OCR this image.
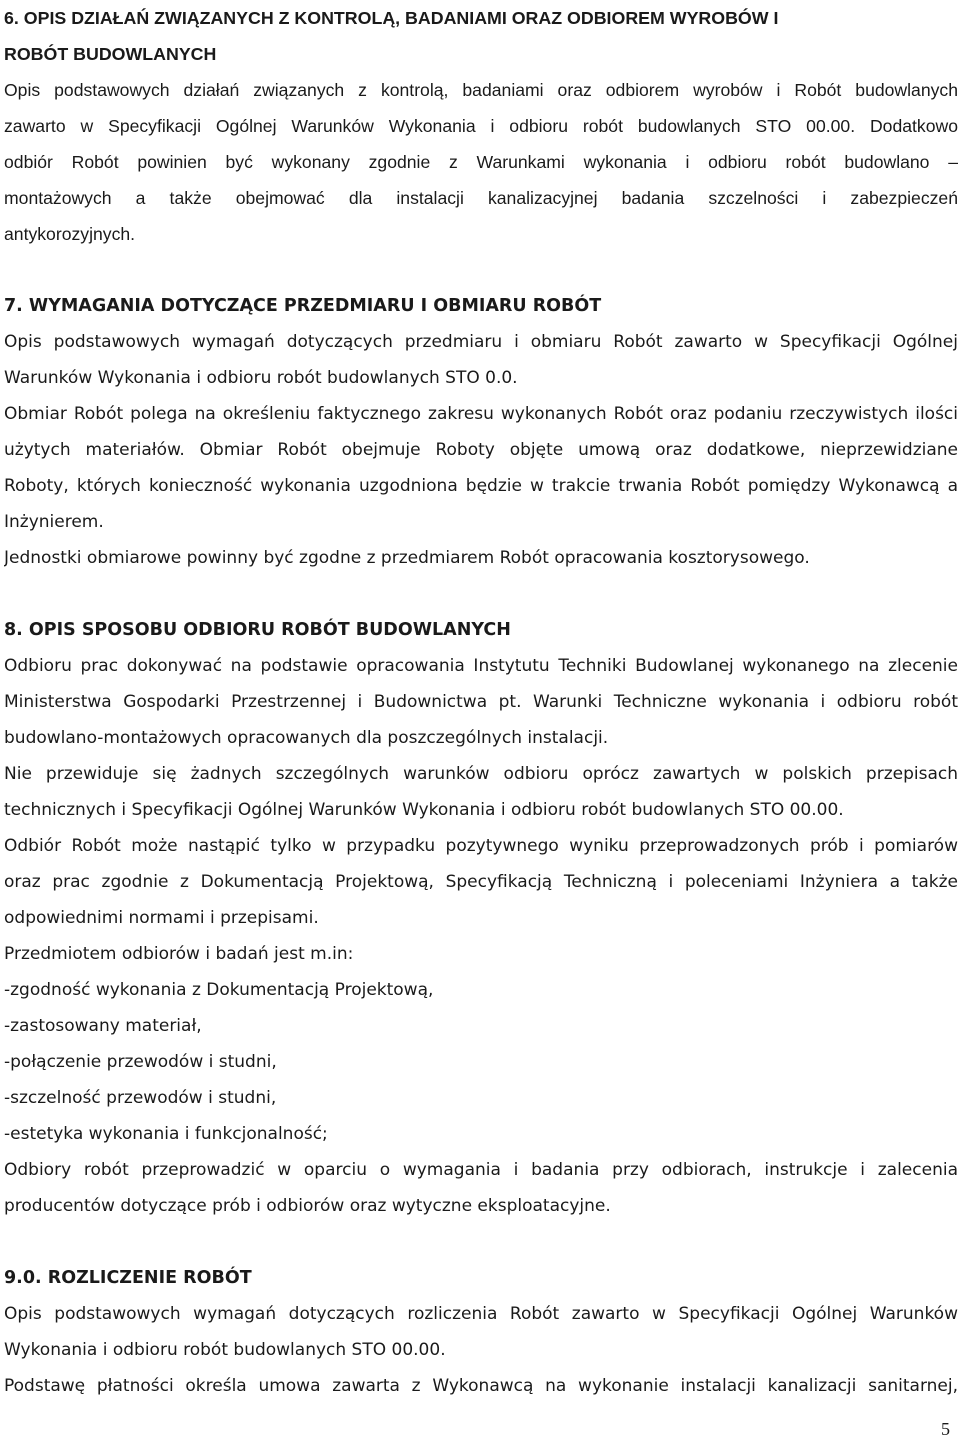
6. OPIS DZIAŁAŃ ZWIĄZANYCH Z KONTROLĄ, BADANIAMI ORAZ ODBIOREM WYROBÓW I
ROBÓT BUDOWLANYCH
Opis podstawowych działań związanych z kontrolą, badaniami oraz odbiorem wyrobów i Robót budowlanych
zawarto w Specyfikacji Ogólnej Warunków Wykonania i odbioru robót budowlanych STO 00.00. Dodatkowo
odbiór Robót powinien być wykonany zgodnie z Warunkami wykonania i odbioru robót budowlano –
montażowych a także obejmować dla instalacji kanalizacyjnej badania szczelności i zabezpieczeń
antykorozyjnych.
7. WYMAGANIA DOTYCZĄCE PRZEDMIARU I OBMIARU ROBÓT
Opis podstawowych wymagań dotyczących przedmiaru i obmiaru Robót zawarto w Specyfikacji Ogólnej
Warunków Wykonania i odbioru robót budowlanych STO 0.0.
Obmiar Robót polega na określeniu faktycznego zakresu wykonanych Robót oraz podaniu rzeczywistych ilości
użytych materiałów. Obmiar Robót obejmuje Roboty objęte umową oraz dodatkowe, nieprzewidziane
Roboty, których konieczność wykonania uzgodniona będzie w trakcie trwania Robót pomiędzy Wykonawcą a
Inżynierem.
Jednostki obmiarowe powinny być zgodne z przedmiarem Robót opracowania kosztorysowego.
8. OPIS SPOSOBU ODBIORU ROBÓT BUDOWLANYCH
Odbioru prac dokonywać na podstawie opracowania Instytutu Techniki Budowlanej wykonanego na zlecenie
Ministerstwa Gospodarki Przestrzennej i Budownictwa pt. Warunki Techniczne wykonania i odbioru robót
budowlano-montażowych opracowanych dla poszczególnych instalacji.
Nie przewiduje się żadnych szczególnych warunków odbioru oprócz zawartych w polskich przepisach
technicznych i Specyfikacji Ogólnej Warunków Wykonania i odbioru robót budowlanych STO 00.00.
Odbiór Robót może nastąpić tylko w przypadku pozytywnego wyniku przeprowadzonych prób i pomiarów
oraz prac zgodnie z Dokumentacją Projektową, Specyfikacją Techniczną i poleceniami Inżyniera a także
odpowiednimi normami i przepisami.
Przedmiotem odbiorów i badań jest m.in:
-zgodność wykonania z Dokumentacją Projektową,
-zastosowany materiał,
-połączenie przewodów i studni,
-szczelność przewodów i studni,
-estetyka wykonania i funkcjonalność;
Odbiory robót przeprowadzić w oparciu o wymagania i badania przy odbiorach, instrukcje i zalecenia
producentów dotyczące prób i odbiorów oraz wytyczne eksploatacyjne.
9.0. ROZLICZENIE ROBÓT
Opis podstawowych wymagań dotyczących rozliczenia Robót zawarto w Specyfikacji Ogólnej Warunków
Wykonania i odbioru robót budowlanych STO 00.00.
Podstawę płatności określa umowa zawarta z Wykonawcą na wykonanie instalacji kanalizacji sanitarnej,
5
